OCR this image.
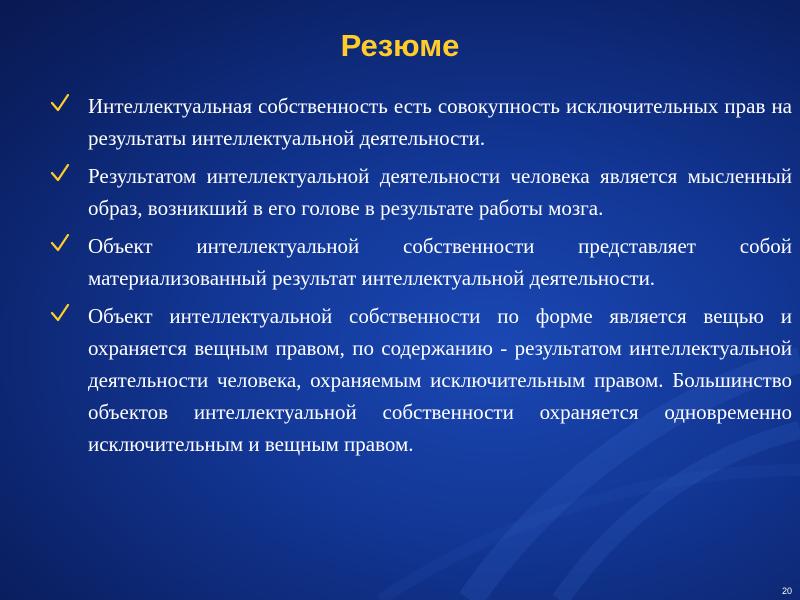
Резюме
Интеллектуальная собственность есть совокупность исключительных прав на результаты интеллектуальной деятельности.
Результатом интеллектуальной деятельности человека является мысленный образ, возникший в его голове в результате работы мозга.
Объект интеллектуальной собственности представляет собой материализованный результат интеллектуальной деятельности.
Объект интеллектуальной собственности по форме является вещью и охраняется вещным правом, по содержанию - результатом интеллектуальной деятельности человека, охраняемым исключительным правом. Большинство объектов интеллектуальной собственности охраняется одновременно исключительным и вещным правом.
20
